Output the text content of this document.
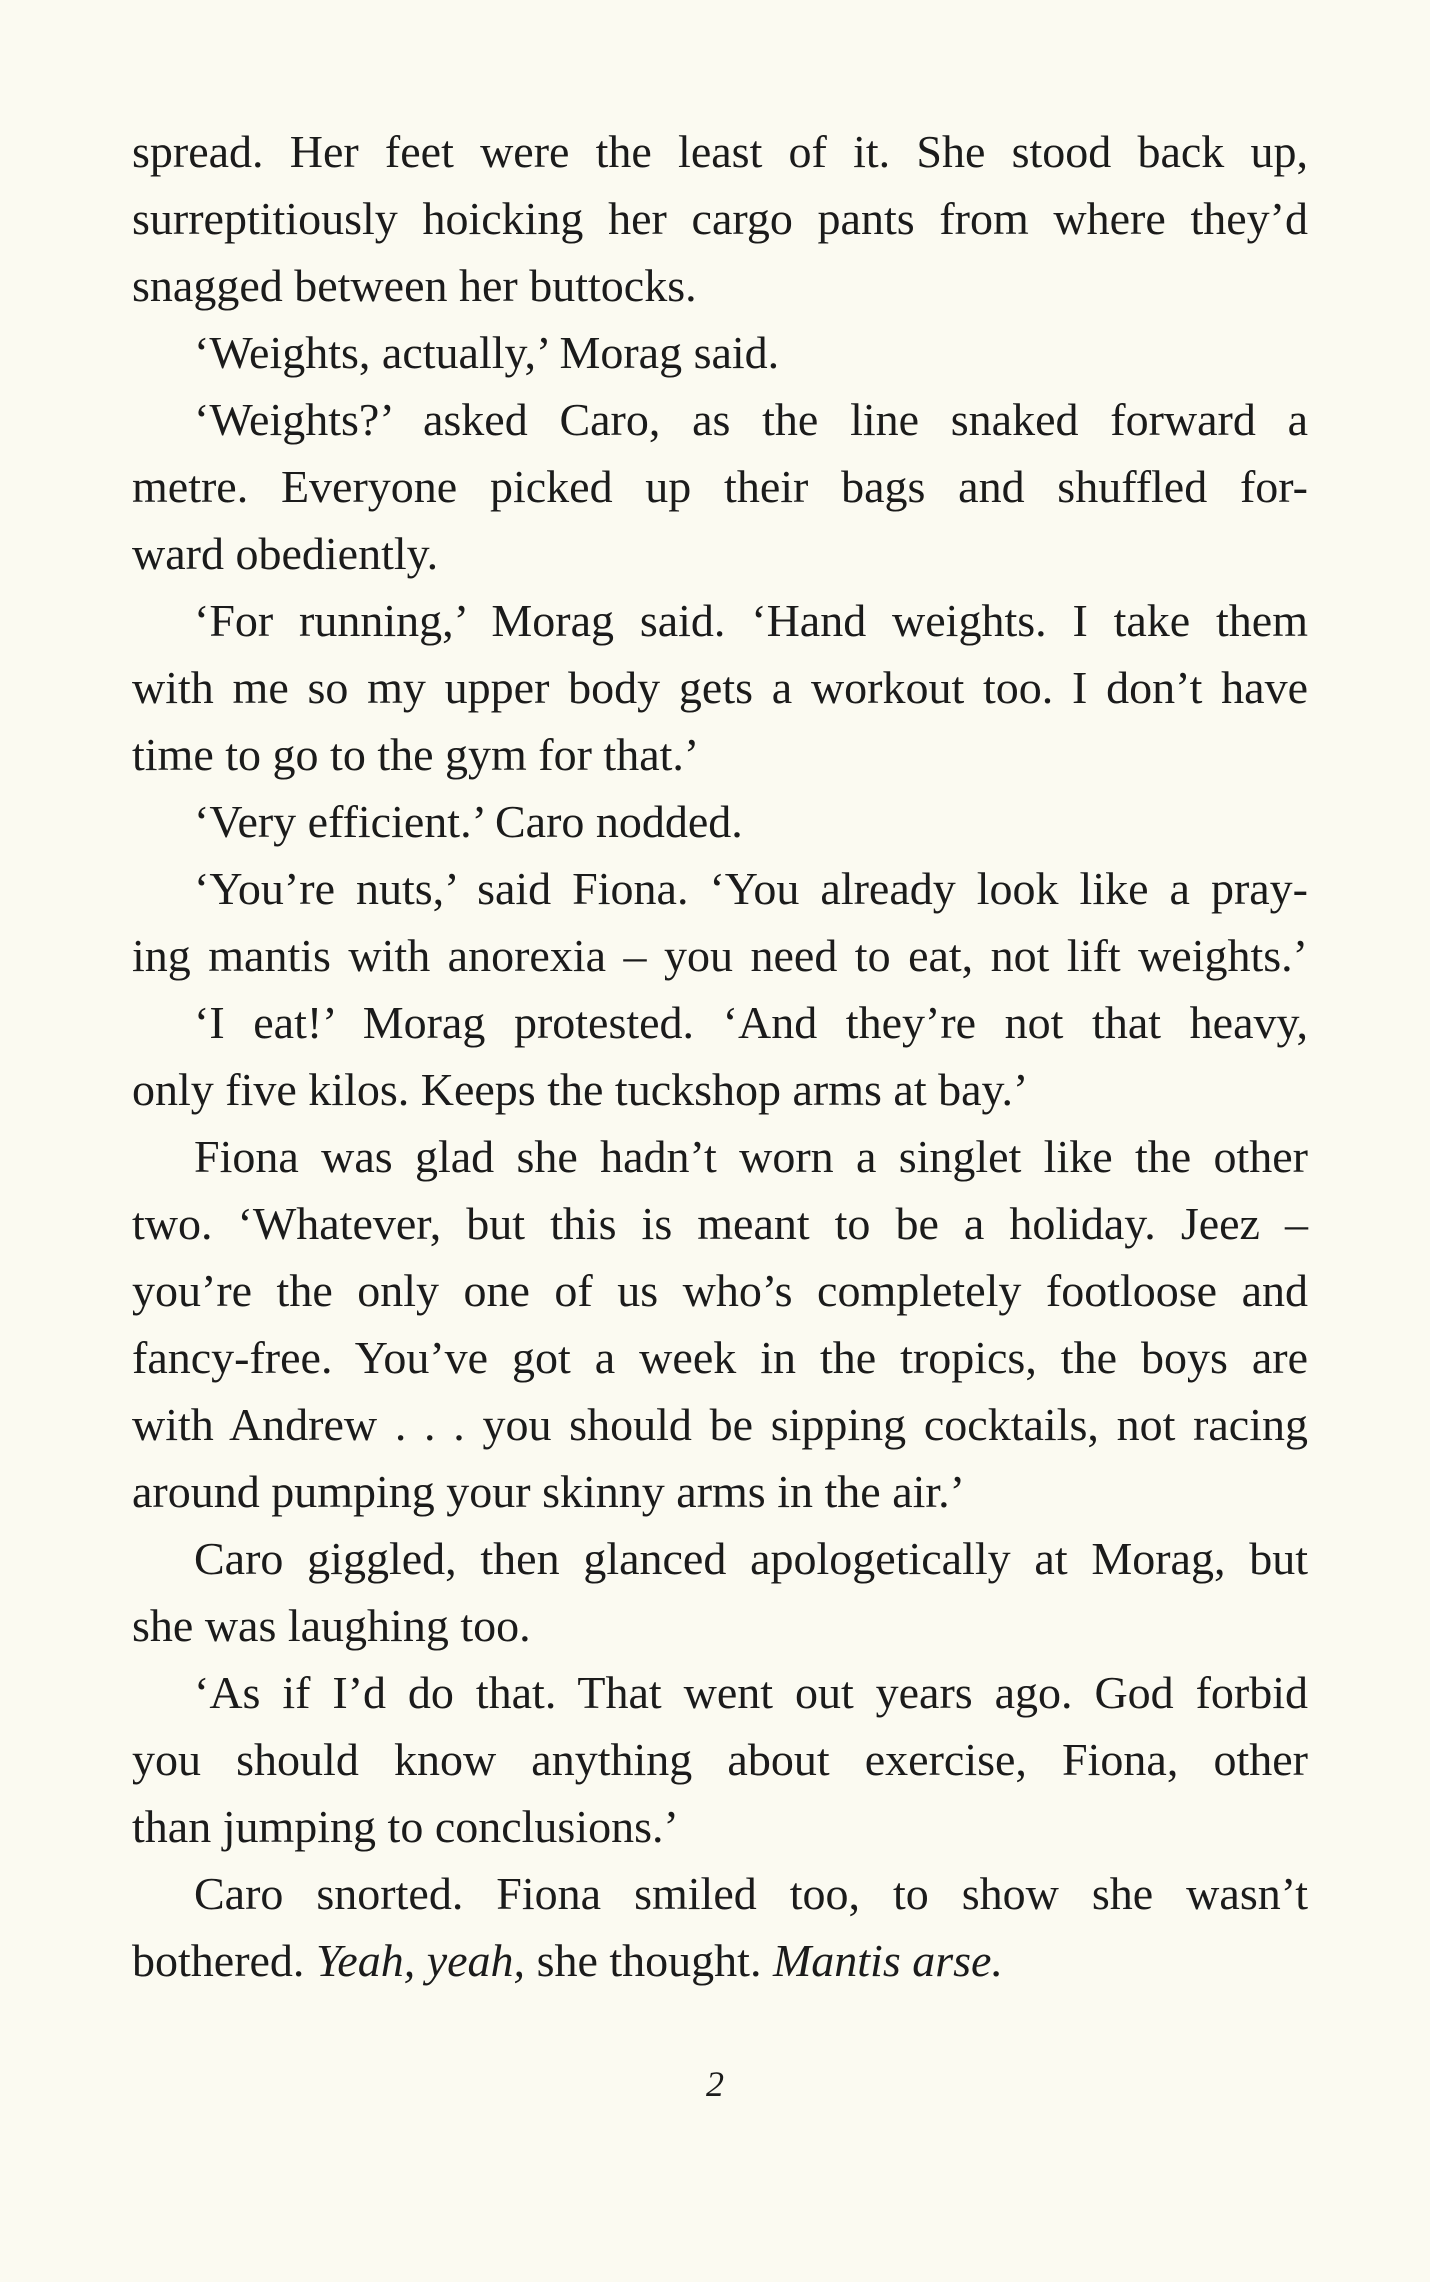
spread. Her feet were the least of it. She stood back up,
surreptitiously hoicking her cargo pants from where they’d
snagged between her buttocks.
‘Weights, actually,’ Morag said.
‘Weights?’ asked Caro, as the line snaked forward a
metre. Everyone picked up their bags and shuffled for-
ward obediently.
‘For running,’ Morag said. ‘Hand weights. I take them
with me so my upper body gets a workout too. I don’t have
time to go to the gym for that.’
‘Very efficient.’ Caro nodded.
‘You’re nuts,’ said Fiona. ‘You already look like a pray-
ing mantis with anorexia – you need to eat, not lift weights.’
‘I eat!’ Morag protested. ‘And they’re not that heavy,
only five kilos. Keeps the tuckshop arms at bay.’
Fiona was glad she hadn’t worn a singlet like the other
two. ‘Whatever, but this is meant to be a holiday. Jeez –
you’re the only one of us who’s completely footloose and
fancy-free. You’ve got a week in the tropics, the boys are
with Andrew . . . you should be sipping cocktails, not racing
around pumping your skinny arms in the air.’
Caro giggled, then glanced apologetically at Morag, but
she was laughing too.
‘As if I’d do that. That went out years ago. God forbid
you should know anything about exercise, Fiona, other
than jumping to conclusions.’
Caro snorted. Fiona smiled too, to show she wasn’t
bothered. Yeah, yeah, she thought. Mantis arse.
2
